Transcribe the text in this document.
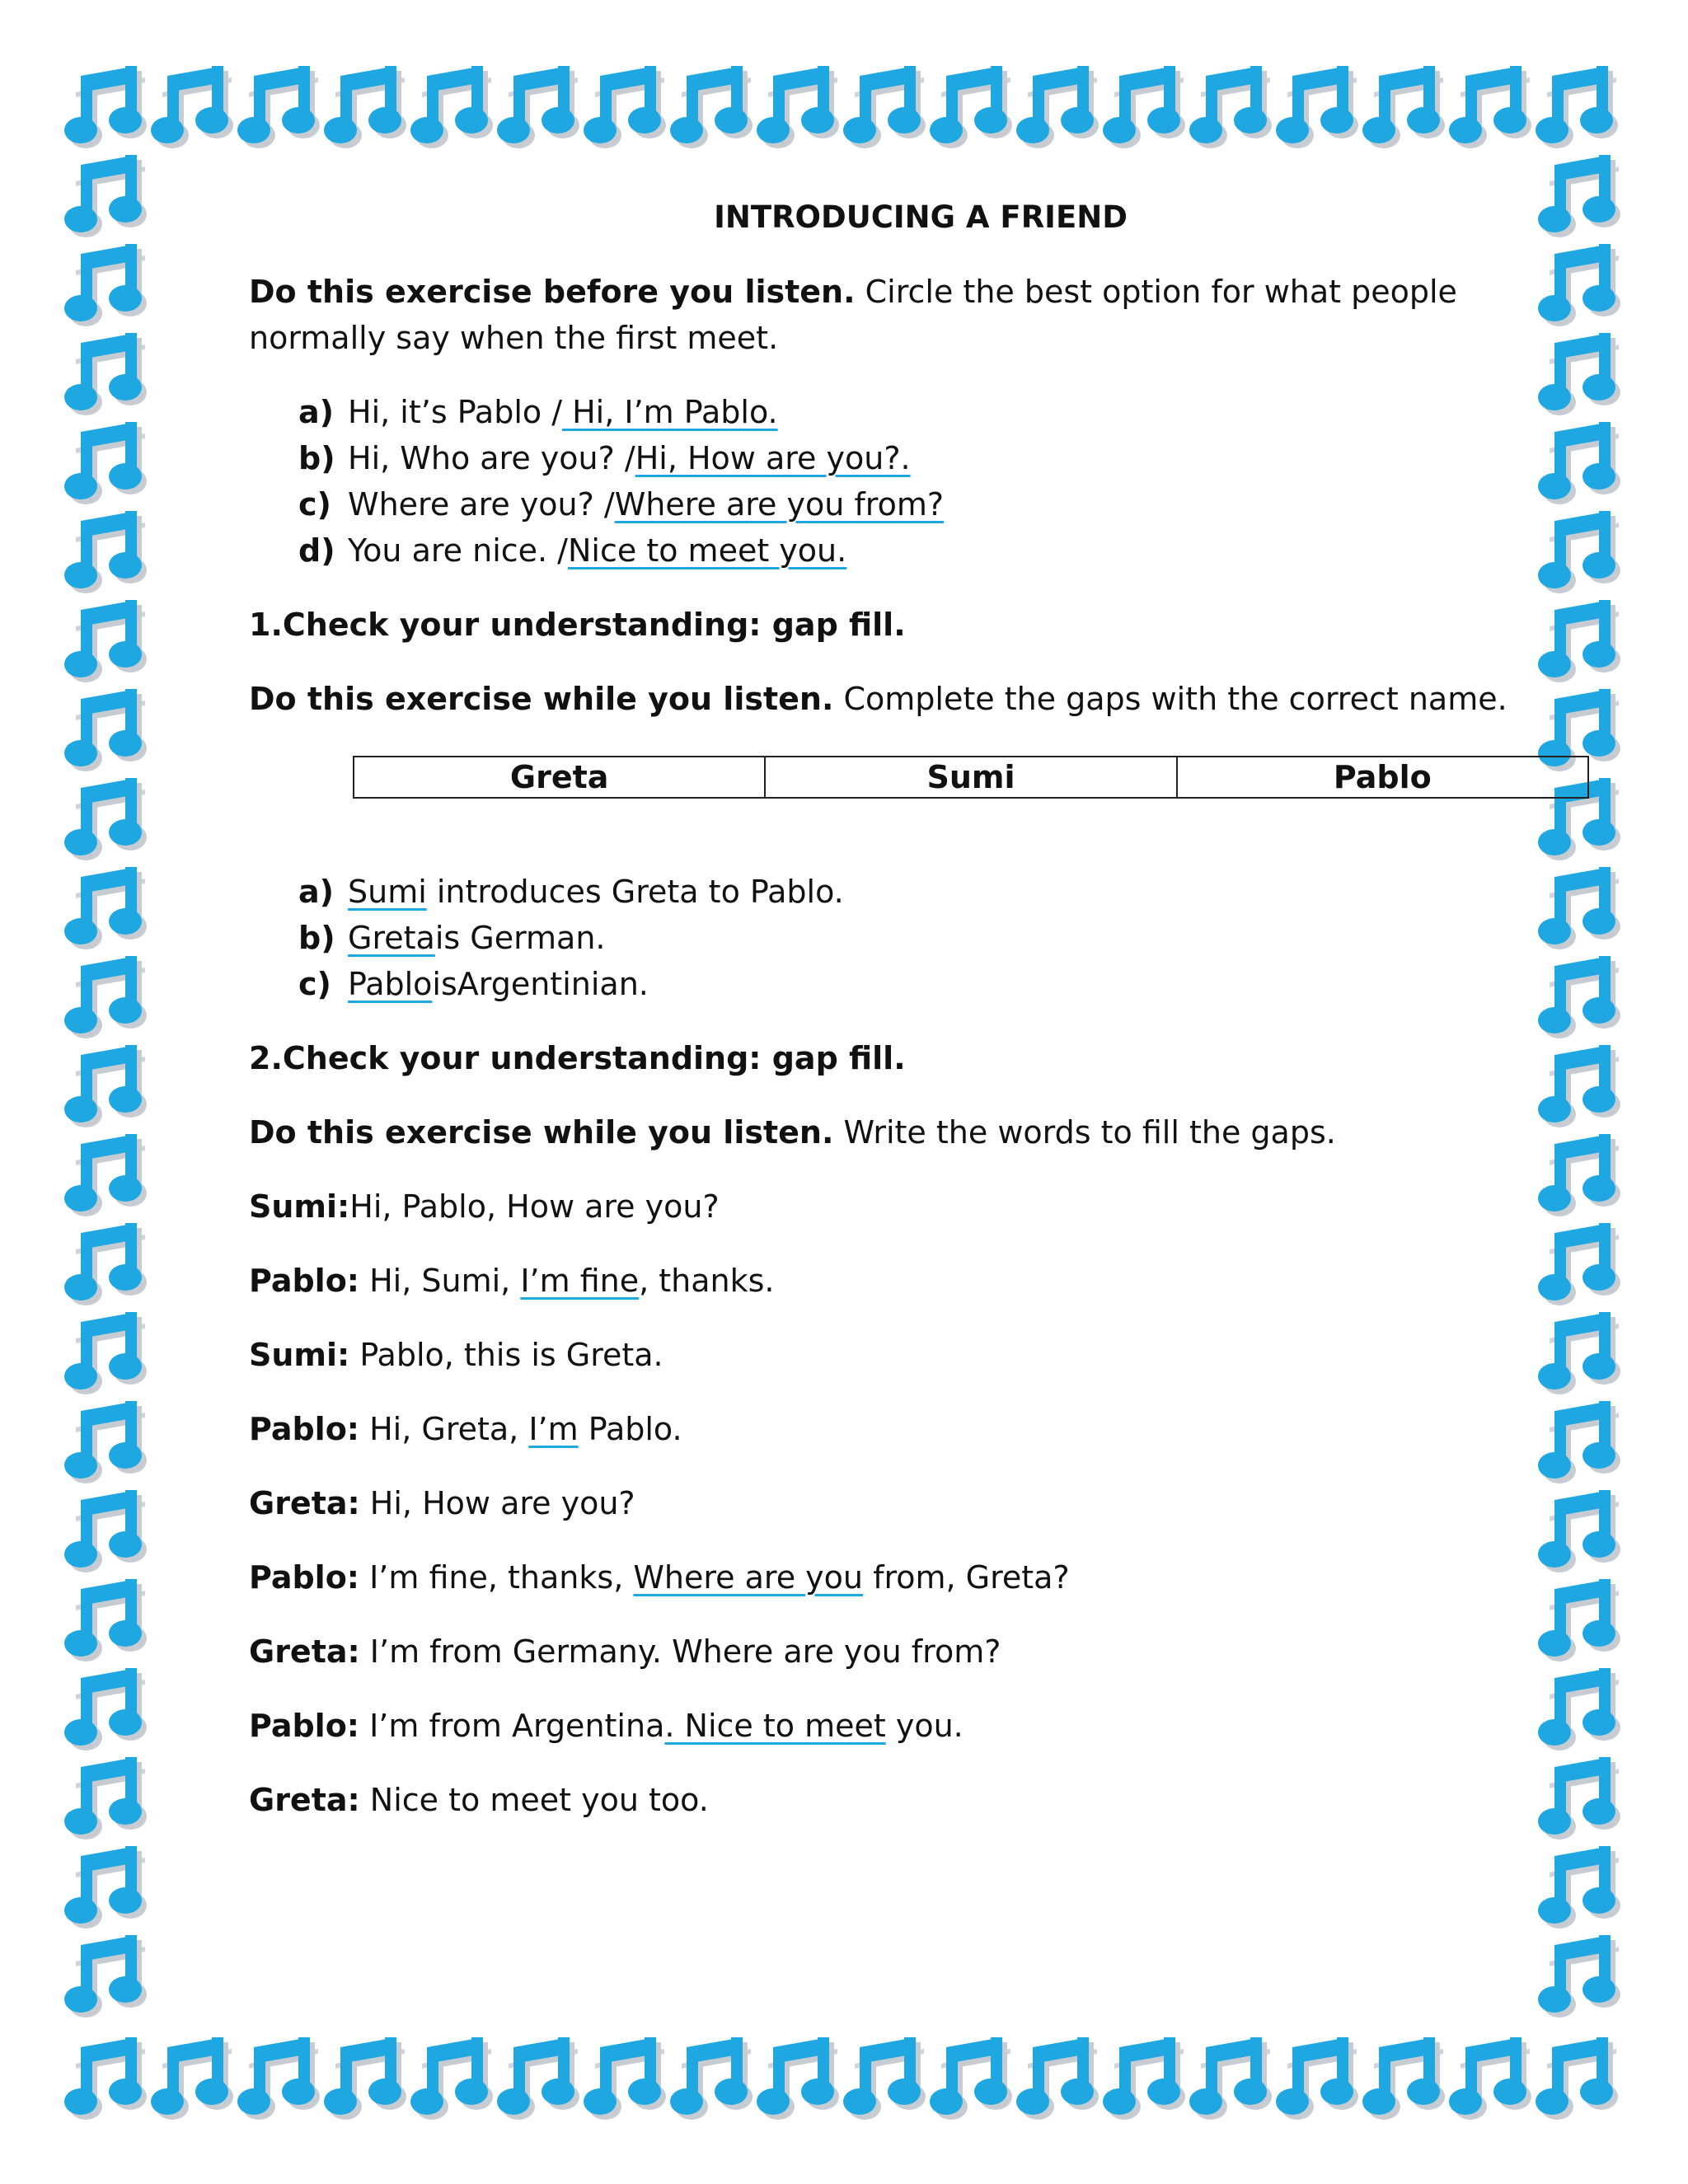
INTRODUCING A FRIEND
Do this exercise before you listen. Circle the best option for what people
normally say when the first meet.
a) Hi, it’s Pablo / Hi, I’m Pablo.
b) Hi, Who are you? /Hi, How are you?.
c) Where are you? /Where are you from?
d) You are nice. /Nice to meet you.
1.Check your understanding: gap fill.
Do this exercise while you listen. Complete the gaps with the correct name.
Greta	Sumi	Pablo
a) Sumi introduces Greta to Pablo.
b) Gretais German.
c) PabloisArgentinian.
2.Check your understanding: gap fill.
Do this exercise while you listen. Write the words to fill the gaps.
Sumi:Hi, Pablo, How are you?
Pablo: Hi, Sumi, I’m fine, thanks.
Sumi: Pablo, this is Greta.
Pablo: Hi, Greta, I’m Pablo.
Greta: Hi, How are you?
Pablo: I’m fine, thanks, Where are you from, Greta?
Greta: I’m from Germany. Where are you from?
Pablo: I’m from Argentina. Nice to meet you.
Greta: Nice to meet you too.
